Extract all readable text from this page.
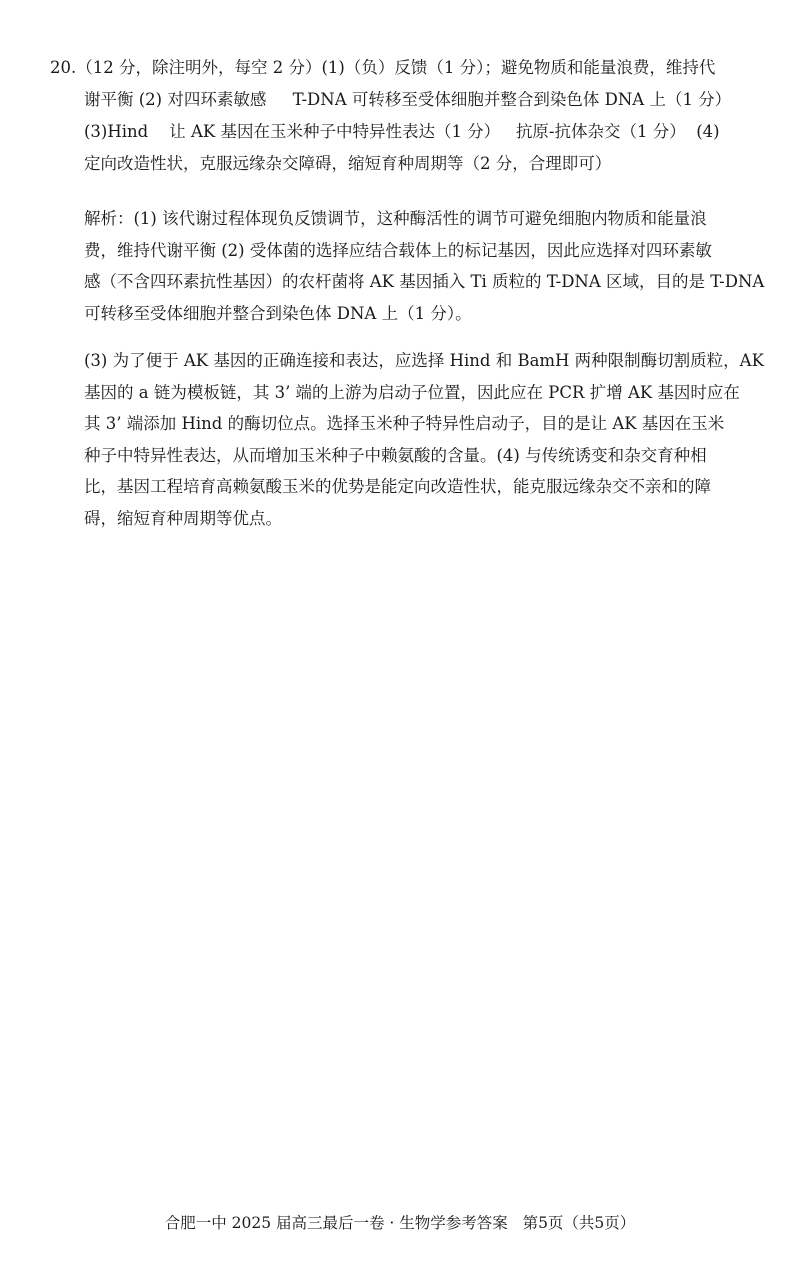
20.（12 分，除注明外，每空 2 分）(1)（负）反馈（1 分）；避免物质和能量浪费，维持代
谢平衡 (2) 对四环素敏感     T-DNA 可转移至受体细胞并整合到染色体 DNA 上（1 分）
(3)Hind    让 AK 基因在玉米种子中特异性表达（1 分）   抗原-抗体杂交（1 分）  (4)
定向改造性状，克服远缘杂交障碍，缩短育种周期等（2 分，合理即可）
解析：(1) 该代谢过程体现负反馈调节，这种酶活性的调节可避免细胞内物质和能量浪
费，维持代谢平衡 (2) 受体菌的选择应结合载体上的标记基因，因此应选择对四环素敏
感（不含四环素抗性基因）的农杆菌将 AK 基因插入 Ti 质粒的 T-DNA 区域，目的是 T-DNA
可转移至受体细胞并整合到染色体 DNA 上（1 分）。
(3) 为了便于 AK 基因的正确连接和表达，应选择 Hind 和 BamH 两种限制酶切割质粒，AK
基因的 a 链为模板链，其 3’ 端的上游为启动子位置，因此应在 PCR 扩增 AK 基因时应在
其 3’ 端添加 Hind 的酶切位点。选择玉米种子特异性启动子，目的是让 AK 基因在玉米
种子中特异性表达，从而增加玉米种子中赖氨酸的含量。(4) 与传统诱变和杂交育种相
比，基因工程培育高赖氨酸玉米的优势是能定向改造性状，能克服远缘杂交不亲和的障
碍，缩短育种周期等优点。
合肥一中 2025 届高三最后一卷 · 生物学参考答案   第5页（共5页）
